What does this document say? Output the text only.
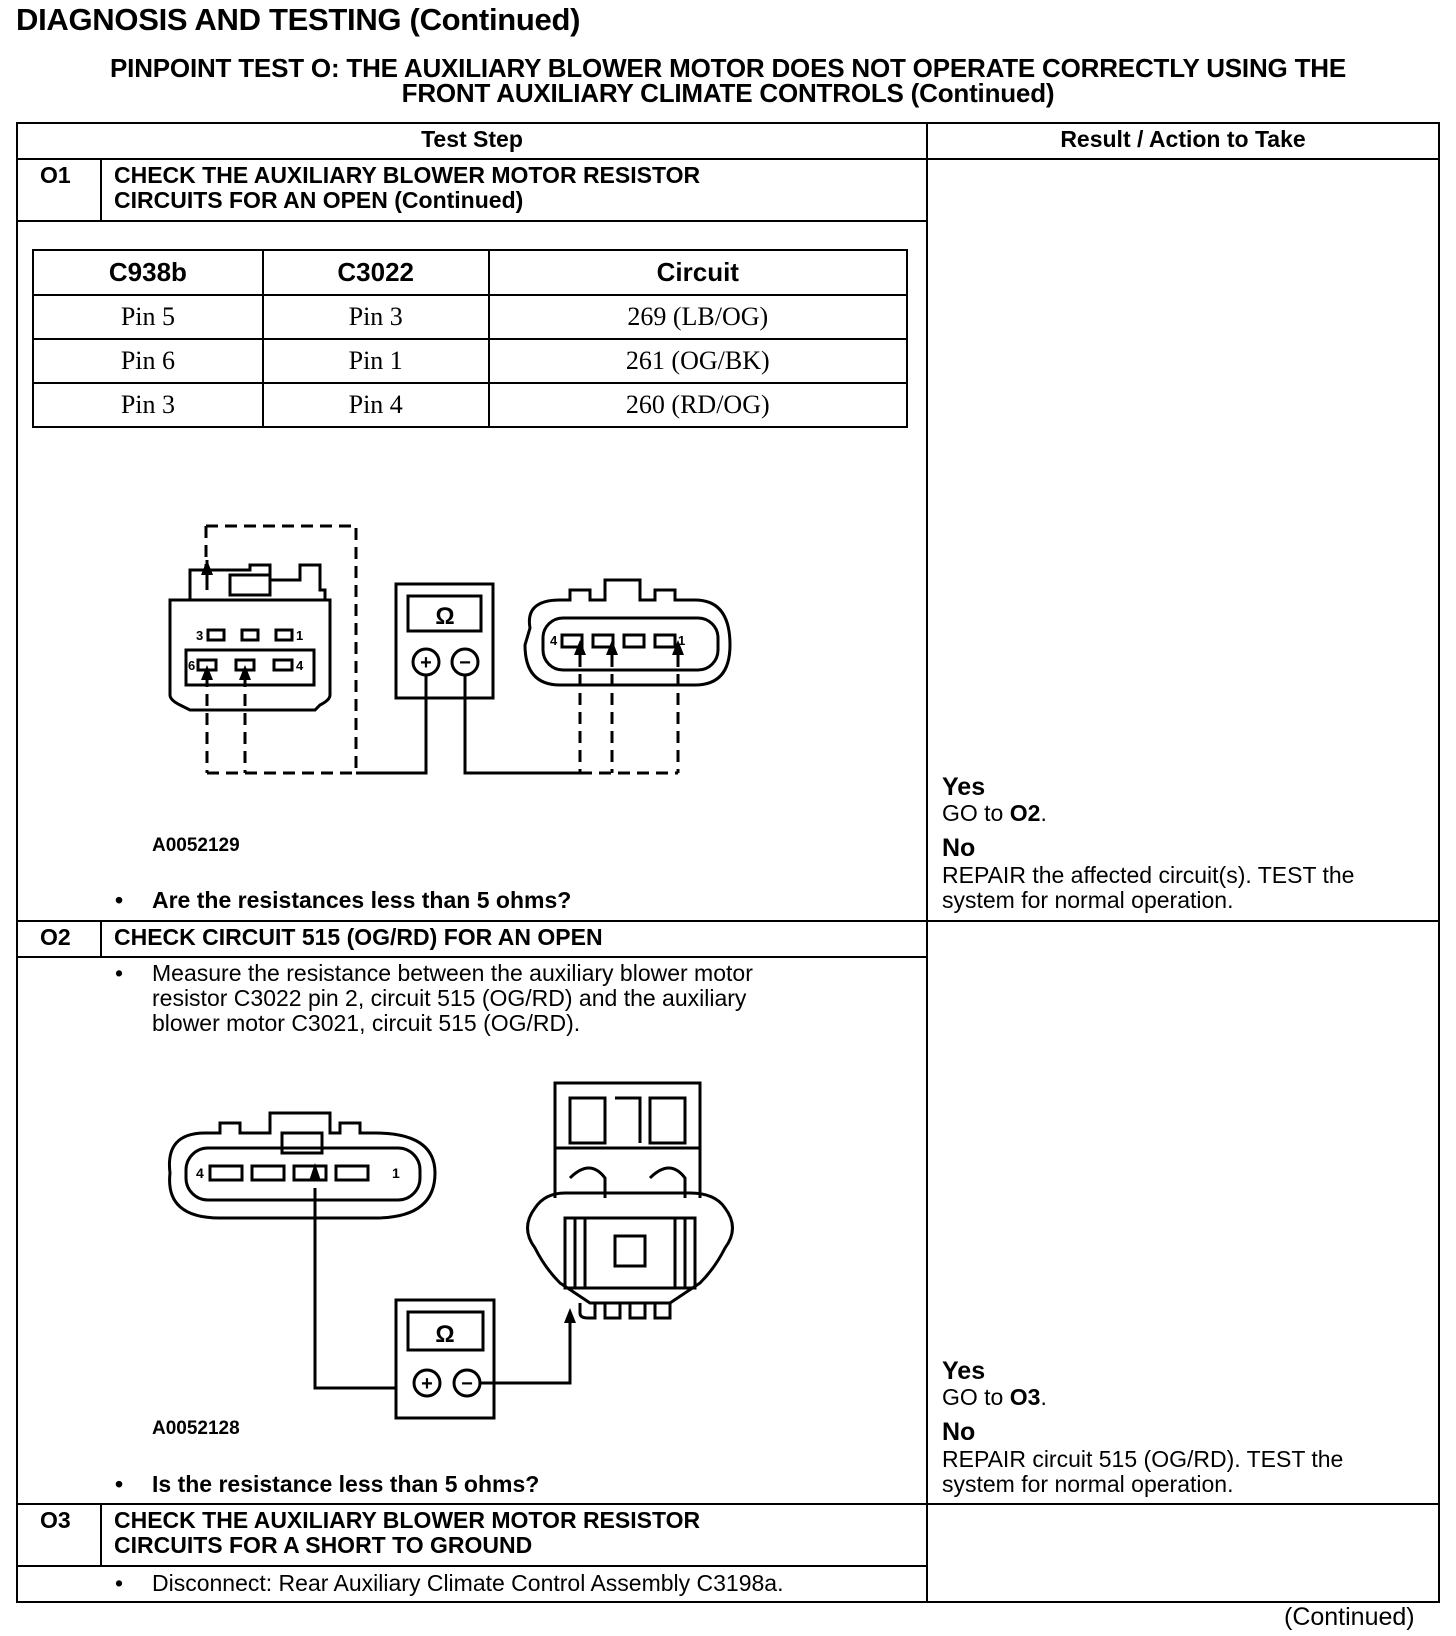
DIAGNOSIS AND TESTING (Continued)
PINPOINT TEST O: THE AUXILIARY BLOWER MOTOR DOES NOT OPERATE CORRECTLY USING THE
FRONT AUXILIARY CLIMATE CONTROLS (Continued)
Test Step	Result / Action to Take
O1 CHECK THE AUXILIARY BLOWER MOTOR RESISTOR
CIRCUITS FOR AN OPEN (Continued)
C938b	C3022	Circuit
Pin 5	Pin 3	269 (LB/OG)
Pin 6	Pin 1	261 (OG/BK)
Pin 3	Pin 4	260 (RD/OG)
Ω
+ −
3	1
6	4
4	1
A0052129
• Are the resistances less than 5 ohms?
Yes
GO to O2.
No
REPAIR the affected circuit(s). TEST the
system for normal operation.
O2 CHECK CIRCUIT 515 (OG/RD) FOR AN OPEN
• Measure the resistance between the auxiliary blower motor
resistor C3022 pin 2, circuit 515 (OG/RD) and the auxiliary
blower motor C3021, circuit 515 (OG/RD).
Ω
+ −
4	1
A0052128
• Is the resistance less than 5 ohms?
Yes
GO to O3.
No
REPAIR circuit 515 (OG/RD). TEST the
system for normal operation.
O3 CHECK THE AUXILIARY BLOWER MOTOR RESISTOR
CIRCUITS FOR A SHORT TO GROUND
• Disconnect: Rear Auxiliary Climate Control Assembly C3198a.
(Continued)
